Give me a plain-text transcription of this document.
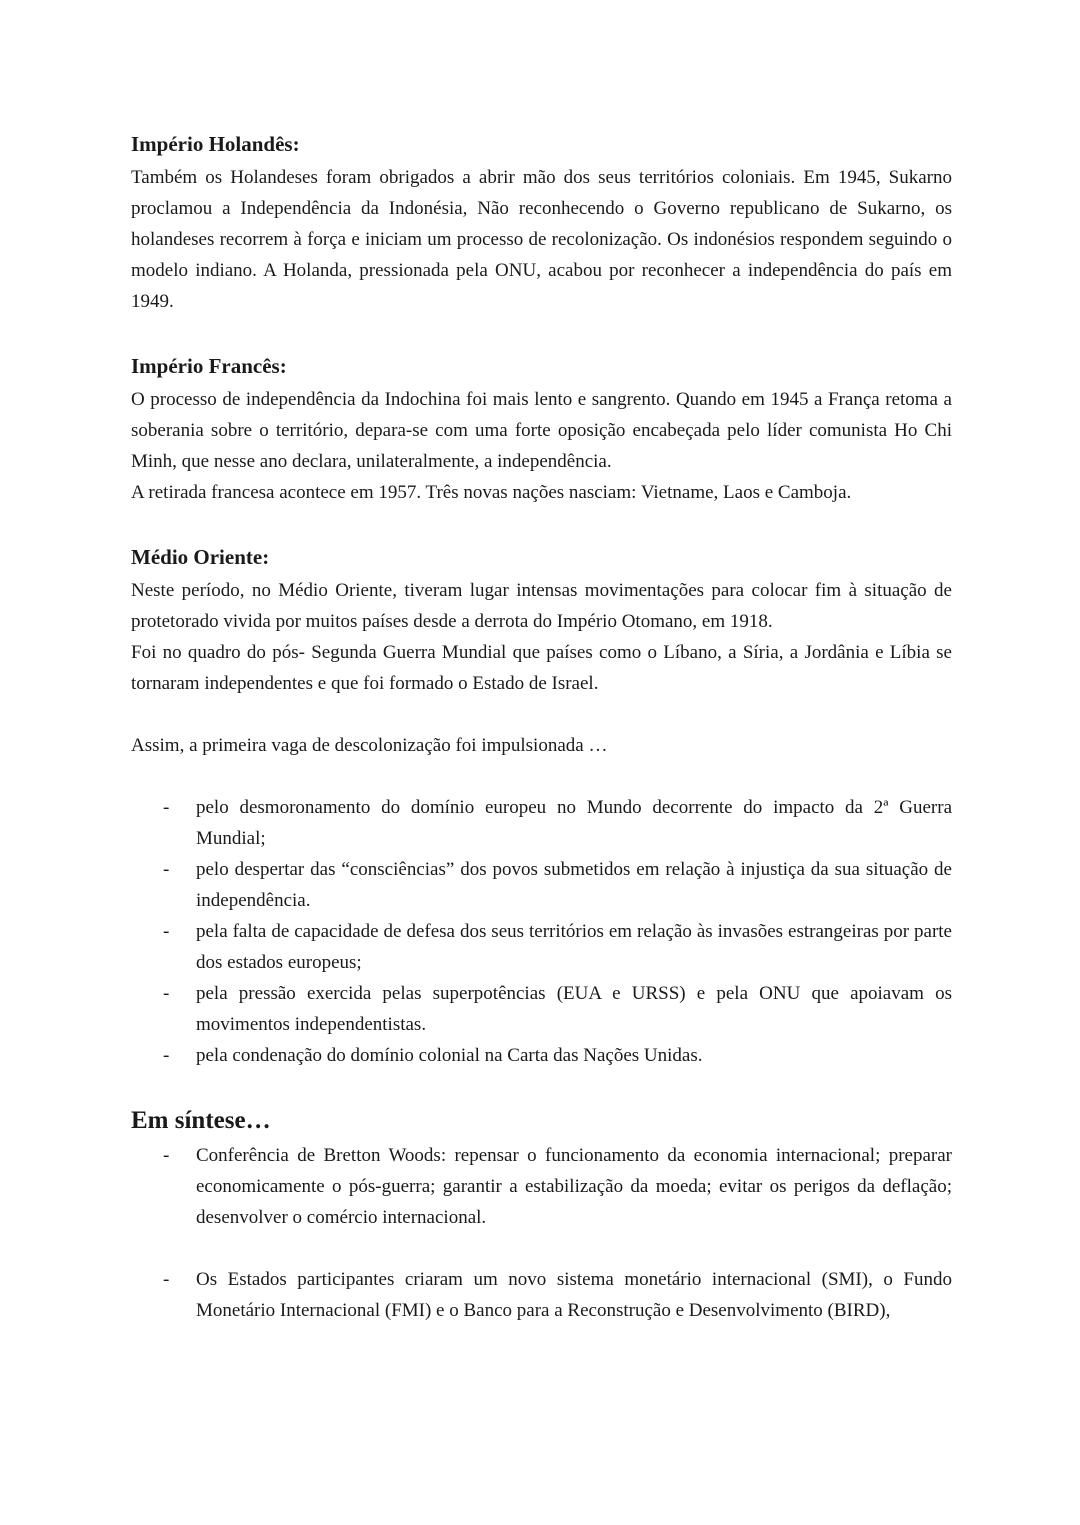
Império Holandês:

Também os Holandeses foram obrigados a abrir mão dos seus territórios coloniais. Em 1945, Sukarno proclamou a Independência da Indonésia, Não reconhecendo o Governo republicano de Sukarno, os holandeses recorrem à força e iniciam um processo de recolonização. Os indonésios respondem seguindo o modelo indiano. A Holanda, pressionada pela ONU, acabou por reconhecer a independência do país em 1949.

Império Francês:

O processo de independência da Indochina foi mais lento e sangrento. Quando em 1945 a França retoma a soberania sobre o território, depara-se com uma forte oposição encabeçada pelo líder comunista Ho Chi Minh, que nesse ano declara, unilateralmente, a independência.

A retirada francesa acontece em 1957. Três novas nações nasciam: Vietname, Laos e Camboja.

Médio Oriente:

Neste período, no Médio Oriente, tiveram lugar intensas movimentações para colocar fim à situação de protetorado vivida por muitos países desde a derrota do Império Otomano, em 1918.

Foi no quadro do pós- Segunda Guerra Mundial que países como o Líbano, a Síria, a Jordânia e Líbia se tornaram independentes e que foi formado o Estado de Israel.

Assim, a primeira vaga de descolonização foi impulsionada …

- pelo desmoronamento do domínio europeu no Mundo decorrente do impacto da 2ª Guerra Mundial;
- pelo despertar das “consciências” dos povos submetidos em relação à injustiça da sua situação de independência.
- pela falta de capacidade de defesa dos seus territórios em relação às invasões estrangeiras por parte dos estados europeus;
- pela pressão exercida pelas superpotências (EUA e URSS) e pela ONU que apoiavam os movimentos independentistas.
- pela condenação do domínio colonial na Carta das Nações Unidas.
Em síntese…
- Conferência de Bretton Woods: repensar o funcionamento da economia internacional; preparar economicamente o pós-guerra; garantir a estabilização da moeda; evitar os perigos da deflação; desenvolver o comércio internacional.
- Os Estados participantes criaram um novo sistema monetário internacional (SMI), o Fundo Monetário Internacional (FMI) e o Banco para a Reconstrução e Desenvolvimento (BIRD),
